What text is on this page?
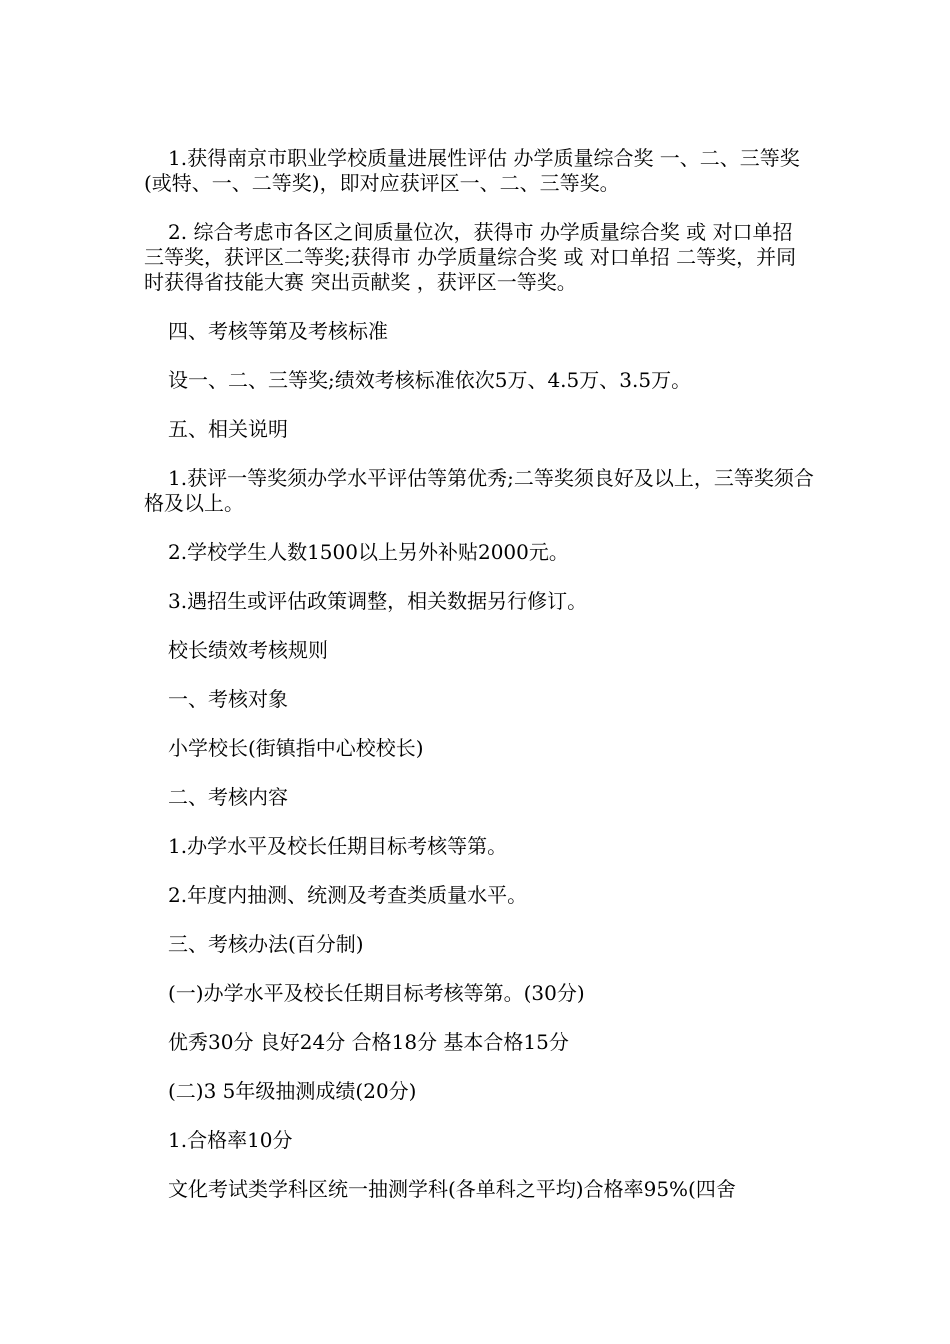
1.获得南京市职业学校质量进展性评估 办学质量综合奖 一、二、三等奖(或特、一、二等奖)，即对应获评区一、二、三等奖。

2. 综合考虑市各区之间质量位次，获得市 办学质量综合奖 或 对口单招 三等奖，获评区二等奖;获得市 办学质量综合奖 或 对口单招 二等奖，并同时获得省技能大赛 突出贡献奖 ，获评区一等奖。

四、考核等第及考核标准

设一、二、三等奖;绩效考核标准依次5万、4.5万、3.5万。

五、相关说明

1.获评一等奖须办学水平评估等第优秀;二等奖须良好及以上，三等奖须合格及以上。

2.学校学生人数1500以上另外补贴2000元。

3.遇招生或评估政策调整，相关数据另行修订。

校长绩效考核规则

一、考核对象

小学校长(街镇指中心校校长)

二、考核内容

1.办学水平及校长任期目标考核等第。

2.年度内抽测、统测及考查类质量水平。

三、考核办法(百分制)

(一)办学水平及校长任期目标考核等第。(30分)

优秀30分 良好24分 合格18分 基本合格15分

(二)3 5年级抽测成绩(20分)

1.合格率10分

文化考试类学科区统一抽测学科(各单科之平均)合格率95%(四舍
